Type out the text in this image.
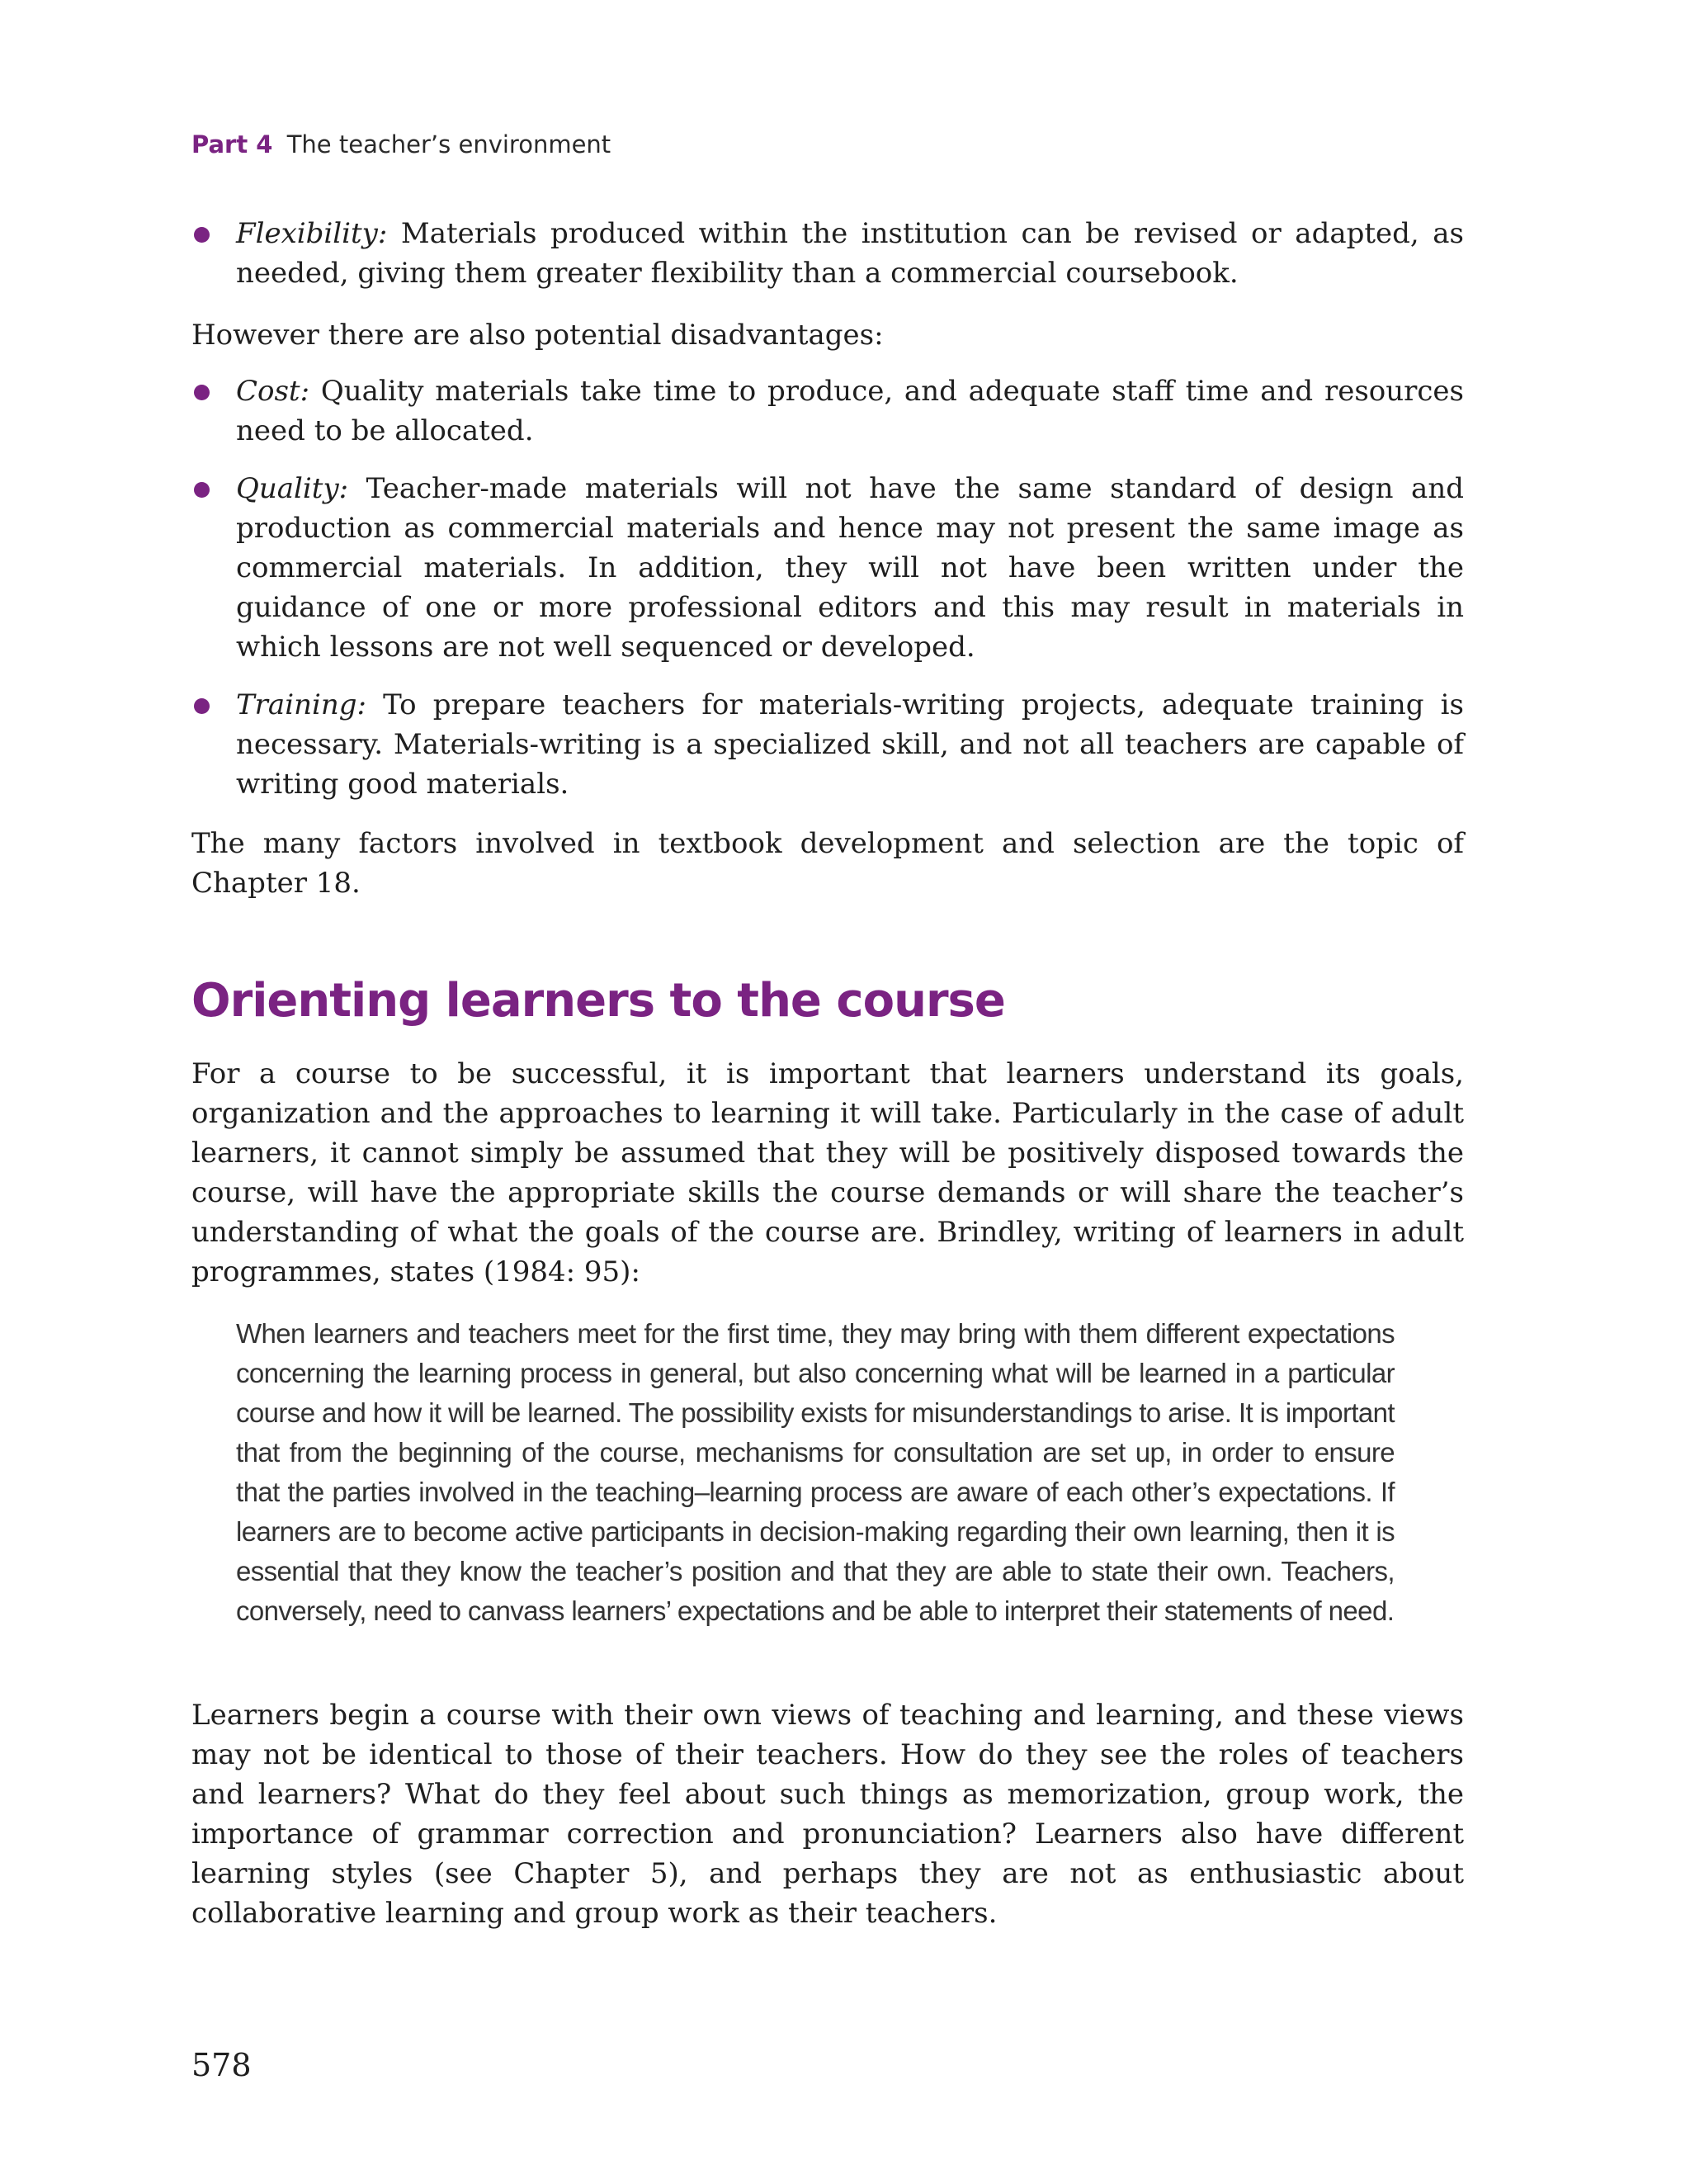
Part 4 The teacher’s environment
Flexibility: Materials produced within the institution can be revised or adapted, as needed, giving them greater flexibility than a commercial coursebook.

However there are also potential disadvantages:

Cost: Quality materials take time to produce, and adequate staff time and resources need to be allocated.
Quality: Teacher-made materials will not have the same standard of design and production as commercial materials and hence may not present the same image as commercial materials. In addition, they will not have been written under the guidance of one or more professional editors and this may result in materials in which lessons are not well sequenced or developed.
Training: To prepare teachers for materials-writing projects, adequate training is necessary. Materials-writing is a specialized skill, and not all teachers are capable of writing good materials.

The many factors involved in textbook development and selection are the topic of Chapter 18.

Orienting learners to the course

For a course to be successful, it is important that learners understand its goals, organization and the approaches to learning it will take. Particularly in the case of adult learners, it cannot simply be assumed that they will be positively disposed towards the course, will have the appropriate skills the course demands or will share the teacher’s understanding of what the goals of the course are. Brindley, writing of learners in adult programmes, states (1984: 95):

When learners and teachers meet for the first time, they may bring with them different expectations concerning the learning process in general, but also concerning what will be learned in a particular course and how it will be learned. The possibility exists for misunderstandings to arise. It is important that from the beginning of the course, mechanisms for consultation are set up, in order to ensure that the parties involved in the teaching–learning process are aware of each other’s expectations. If learners are to become active participants in decision-making regarding their own learning, then it is essential that they know the teacher’s position and that they are able to state their own. Teachers, conversely, need to canvass learners’ expectations and be able to interpret their statements of need.

Learners begin a course with their own views of teaching and learning, and these views may not be identical to those of their teachers. How do they see the roles of teachers and learners? What do they feel about such things as memorization, group work, the importance of grammar correction and pronunciation? Learners also have different learning styles (see Chapter 5), and perhaps they are not as enthusiastic about collaborative learning and group work as their teachers.

578
